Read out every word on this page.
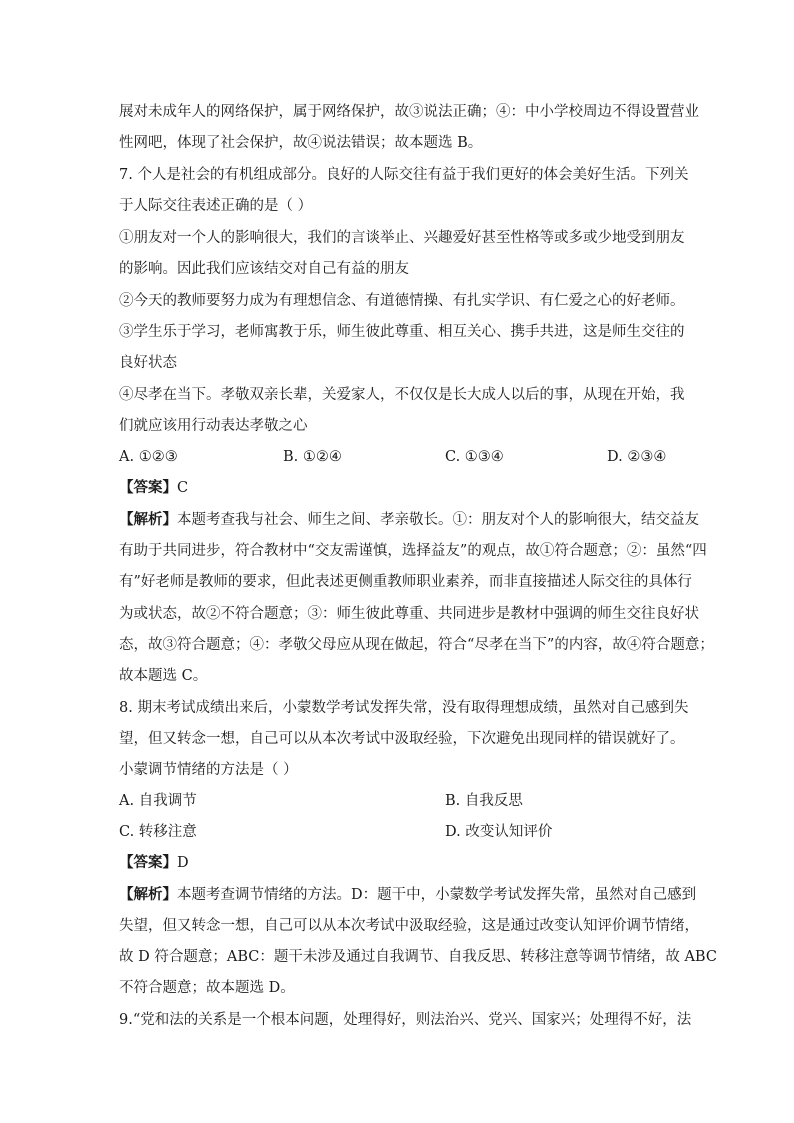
展对未成年人的网络保护，属于网络保护，故③说法正确；④：中小学校周边不得设置营业
性网吧，体现了社会保护，故④说法错误；故本题选 B。
7. 个人是社会的有机组成部分。良好的人际交往有益于我们更好的体会美好生活。下列关
于人际交往表述正确的是（ ）
①朋友对一个人的影响很大，我们的言谈举止、兴趣爱好甚至性格等或多或少地受到朋友
的影响。因此我们应该结交对自己有益的朋友
②今天的教师要努力成为有理想信念、有道德情操、有扎实学识、有仁爱之心的好老师。
③学生乐于学习，老师寓教于乐，师生彼此尊重、相互关心、携手共进，这是师生交往的
良好状态
④尽孝在当下。孝敬双亲长辈，关爱家人，不仅仅是长大成人以后的事，从现在开始，我
们就应该用行动表达孝敬之心
A. ①②③	B. ①②④	C. ①③④	D. ②③④
【答案】C
【解析】本题考查我与社会、师生之间、孝亲敬长。①：朋友对个人的影响很大，结交益友
有助于共同进步，符合教材中“交友需谨慎，选择益友”的观点，故①符合题意；②：虽然“四
有”好老师是教师的要求，但此表述更侧重教师职业素养，而非直接描述人际交往的具体行
为或状态，故②不符合题意；③：师生彼此尊重、共同进步是教材中强调的师生交往良好状
态，故③符合题意；④：孝敬父母应从现在做起，符合“尽孝在当下”的内容，故④符合题意；
故本题选 C。
8. 期末考试成绩出来后，小蒙数学考试发挥失常，没有取得理想成绩，虽然对自己感到失
望，但又转念一想，自己可以从本次考试中汲取经验，下次避免出现同样的错误就好了。
小蒙调节情绪的方法是（ ）
A. 自我调节	B. 自我反思
C. 转移注意	D. 改变认知评价
【答案】D
【解析】本题考查调节情绪的方法。D：题干中，小蒙数学考试发挥失常，虽然对自己感到
失望，但又转念一想，自己可以从本次考试中汲取经验，这是通过改变认知评价调节情绪，
故 D 符合题意；ABC：题干未涉及通过自我调节、自我反思、转移注意等调节情绪，故 ABC
不符合题意；故本题选 D。
9.“党和法的关系是一个根本问题，处理得好，则法治兴、党兴、国家兴；处理得不好，法
